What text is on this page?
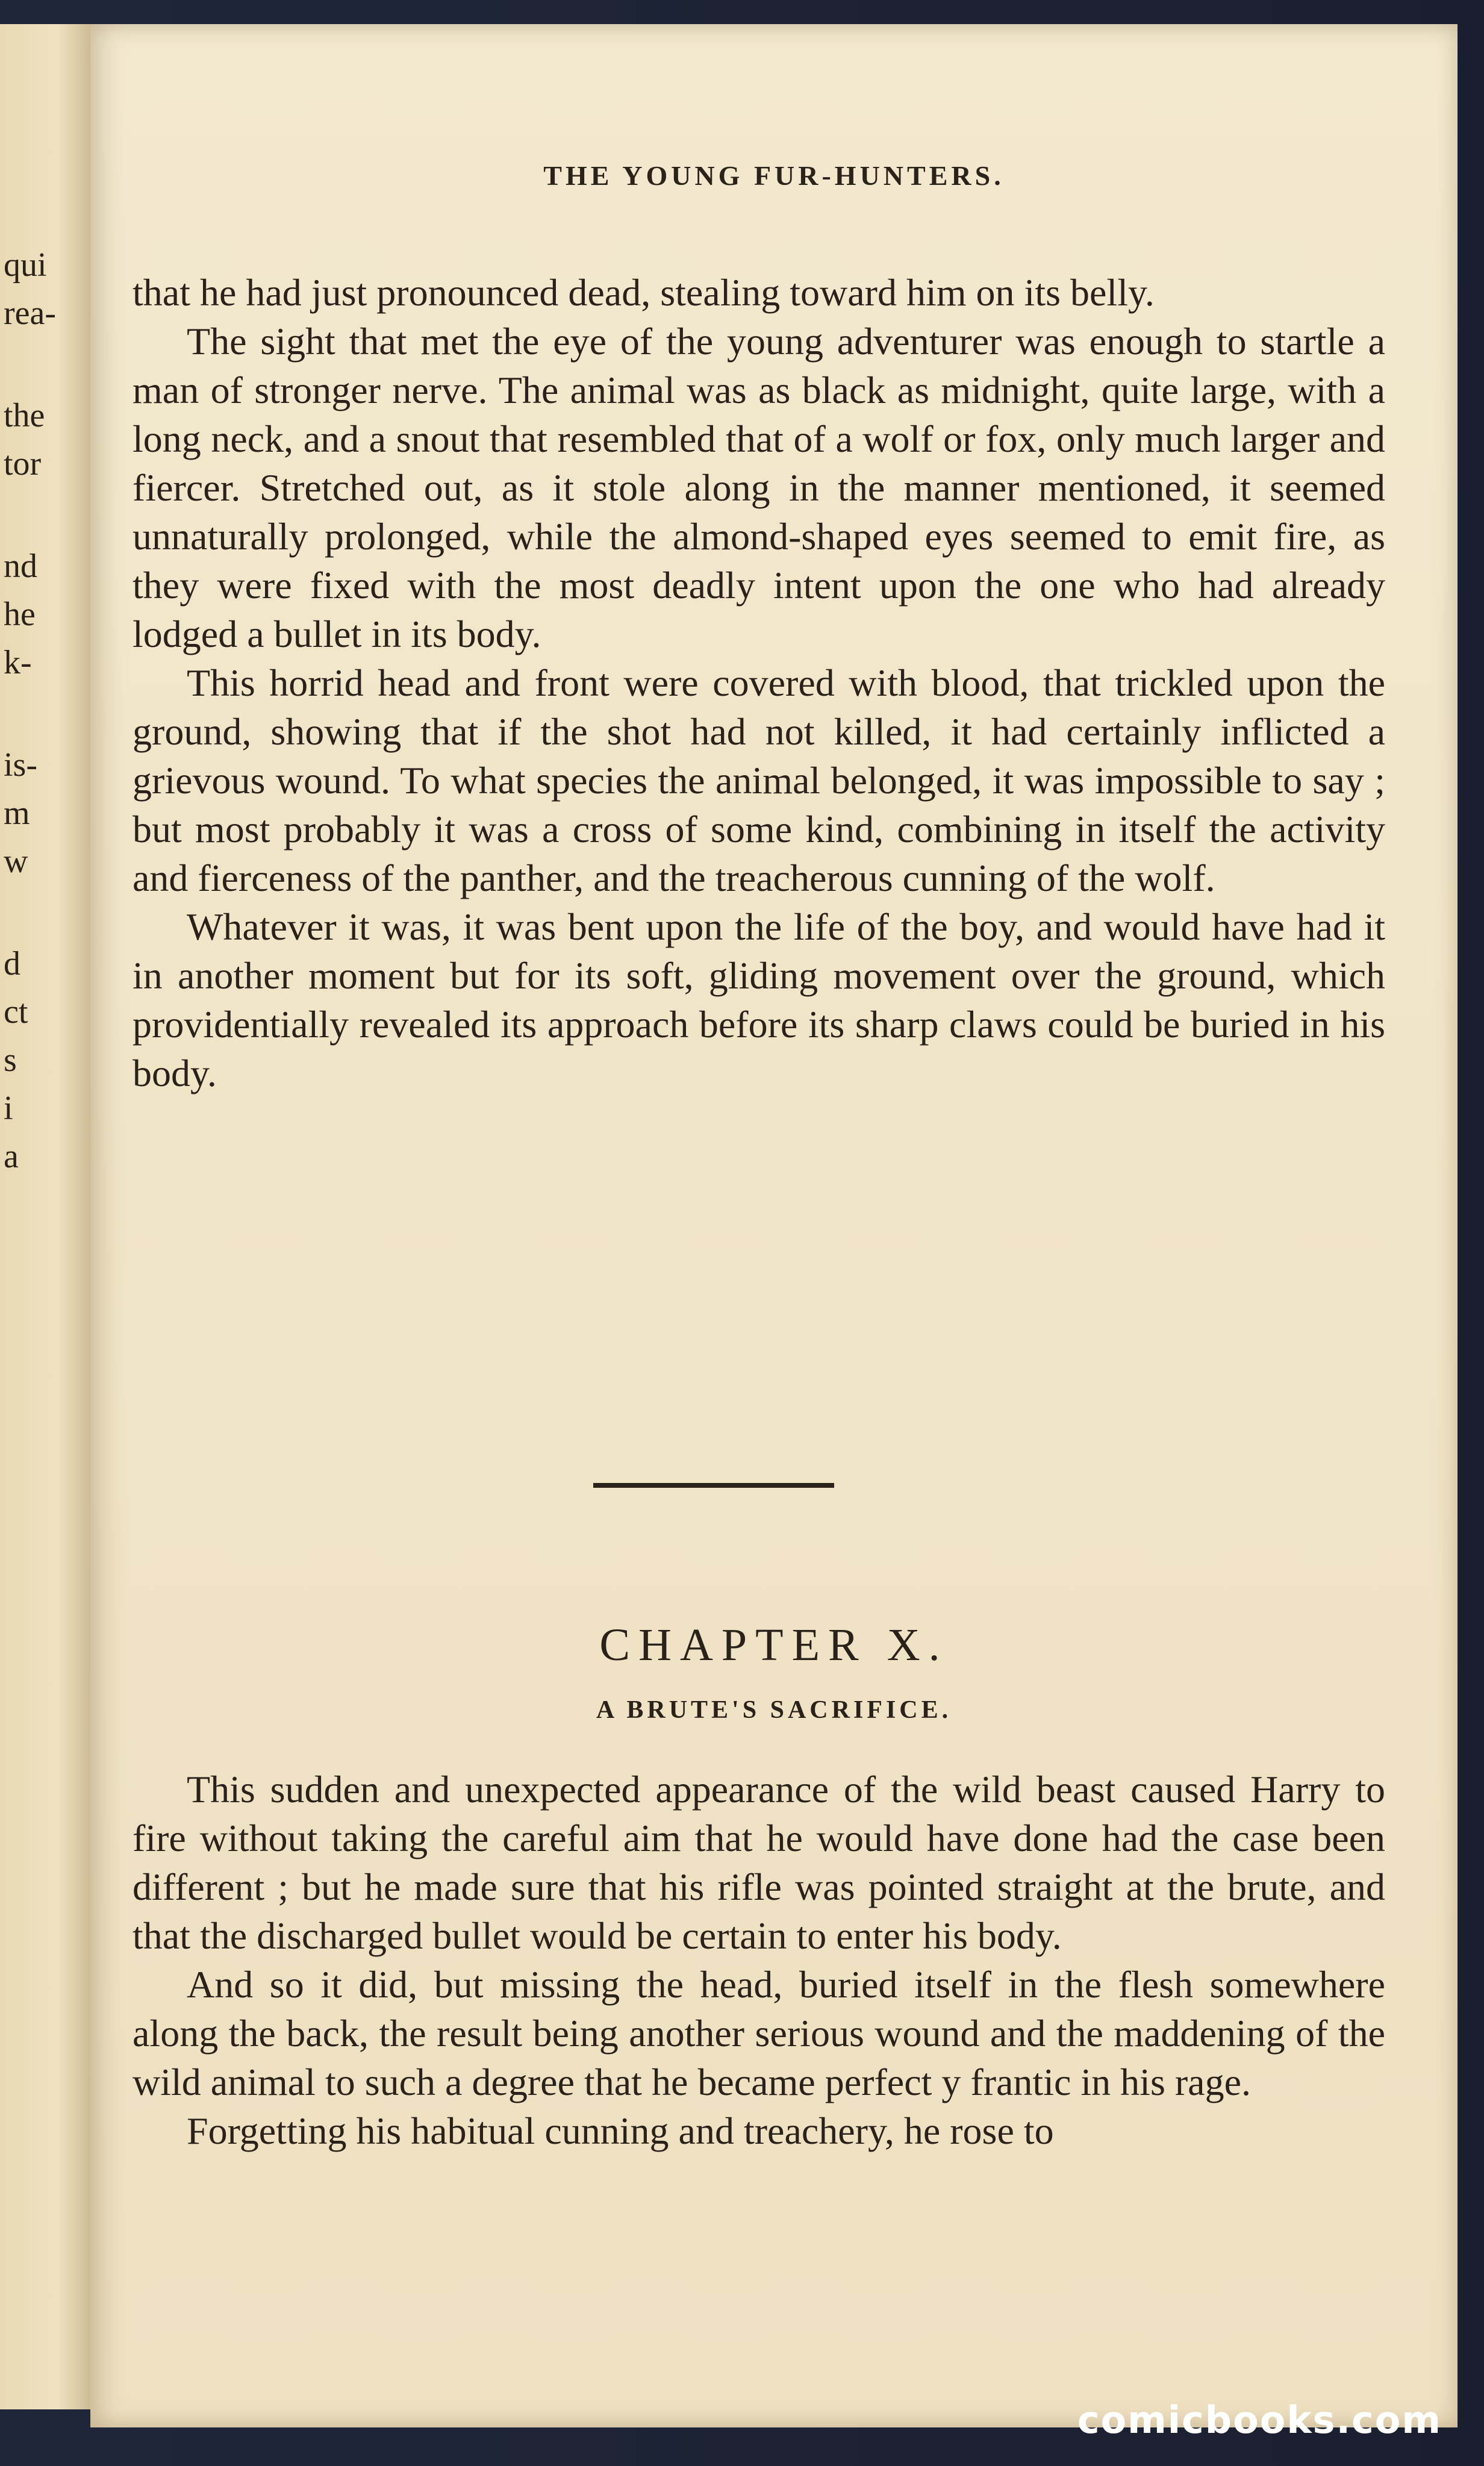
qui
rea-
the
tor
nd
he
k-
is-
m
w
d
ct
s
i
a
THE YOUNG FUR-HUNTERS.

that he had just pronounced dead, stealing toward him on its belly.

The sight that met the eye of the young adventurer was enough to startle a man of stronger nerve. The animal was as black as midnight, quite large, with a long neck, and a snout that resembled that of a wolf or fox, only much larger and fiercer. Stretched out, as it stole along in the manner mentioned, it seemed unnaturally prolonged, while the almond-shaped eyes seemed to emit fire, as they were fixed with the most deadly intent upon the one who had already lodged a bullet in its body.

This horrid head and front were covered with blood, that trickled upon the ground, showing that if the shot had not killed, it had certainly inflicted a grievous wound. To what species the animal belonged, it was impossible to say ; but most probably it was a cross of some kind, combining in itself the activity and fierceness of the panther, and the treacherous cunning of the wolf.

Whatever it was, it was bent upon the life of the boy, and would have had it in another moment but for its soft, gliding movement over the ground, which providentially revealed its approach before its sharp claws could be buried in his body.

CHAPTER X.
A BRUTE'S SACRIFICE.

This sudden and unexpected appearance of the wild beast caused Harry to fire without taking the careful aim that he would have done had the case been different ; but he made sure that his rifle was pointed straight at the brute, and that the discharged bullet would be certain to enter his body.

And so it did, but missing the head, buried itself in the flesh somewhere along the back, the result being another serious wound and the maddening of the wild animal to such a degree that he became perfect y frantic in his rage.

Forgetting his habitual cunning and treachery, he rose to

comicbooks.com
